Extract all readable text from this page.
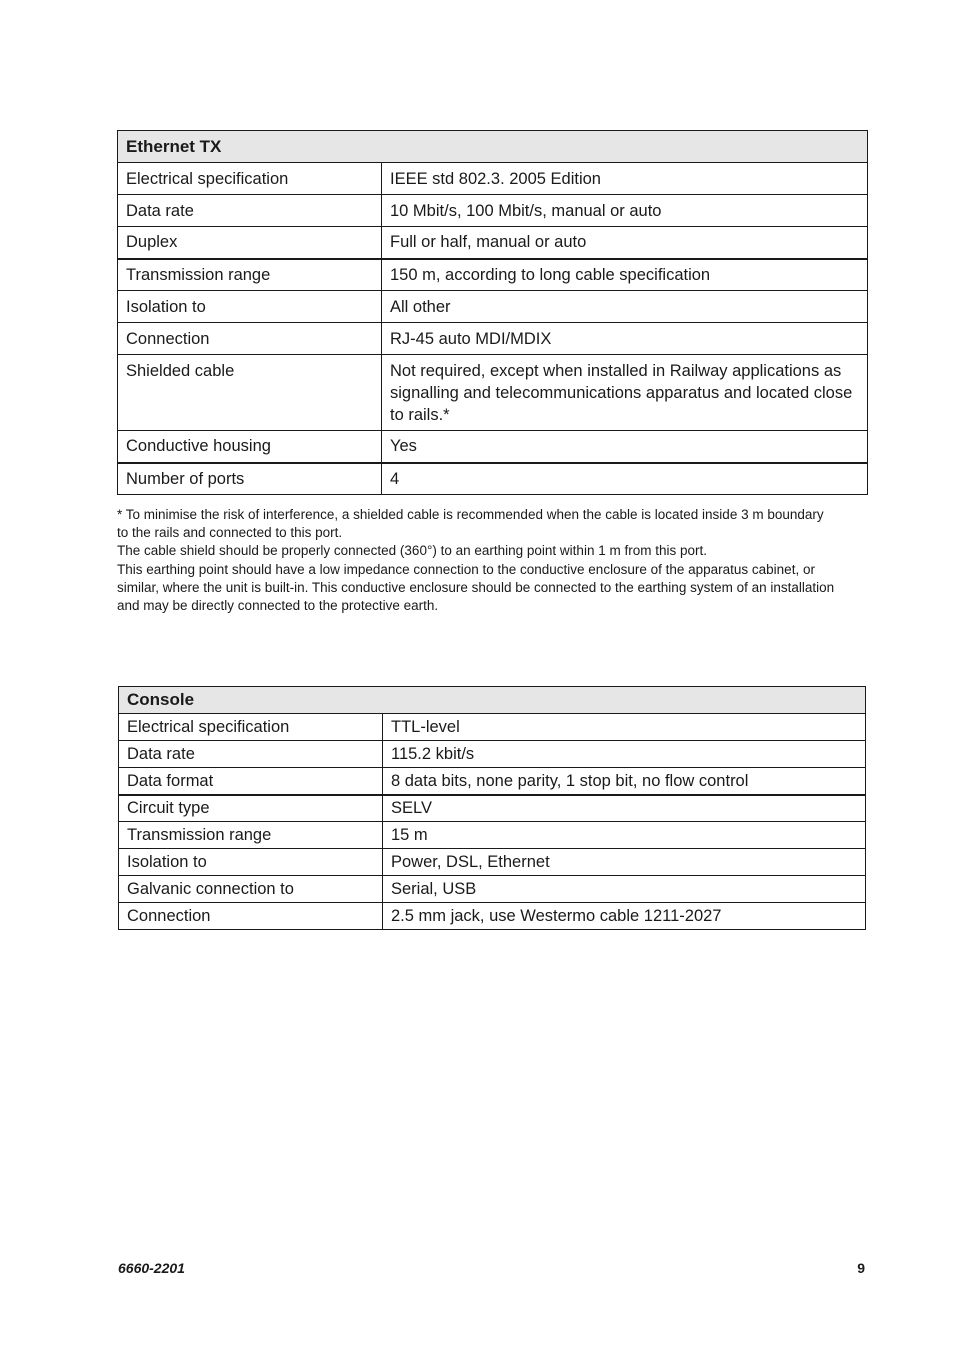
Ethernet TX	
Electrical specification	IEEE std 802.3. 2005 Edition
Data rate	10 Mbit/s, 100 Mbit/s, manual or auto
Duplex	Full or half, manual or auto
Transmission range	150 m, according to long cable specification
Isolation to	All other
Connection	RJ-45 auto MDI/MDIX
Shielded cable	Not required, except when installed in Railway applications as signalling and telecommunications apparatus and located close to rails.*
Conductive housing	Yes
Number of ports	4

* To minimise the risk of interference, a shielded cable is recommended when the cable is located inside 3 m boundary to the rails and connected to this port.

The cable shield should be properly connected (360°) to an earthing point within 1 m from this port.

This earthing point should have a low impedance connection to the conductive enclosure of the apparatus cabinet, or similar, where the unit is built-in. This conductive enclosure should be connected to the earthing system of an installation and may be directly connected to the protective earth.

Console	
Electrical specification	TTL-level
Data rate	115.2 kbit/s
Data format	8 data bits, none parity, 1 stop bit, no flow control
Circuit type	SELV
Transmission range	15 m
Isolation to	Power, DSL, Ethernet
Galvanic connection to	Serial, USB
Connection	2.5 mm jack, use Westermo cable 1211-2027
6660-2201	9
